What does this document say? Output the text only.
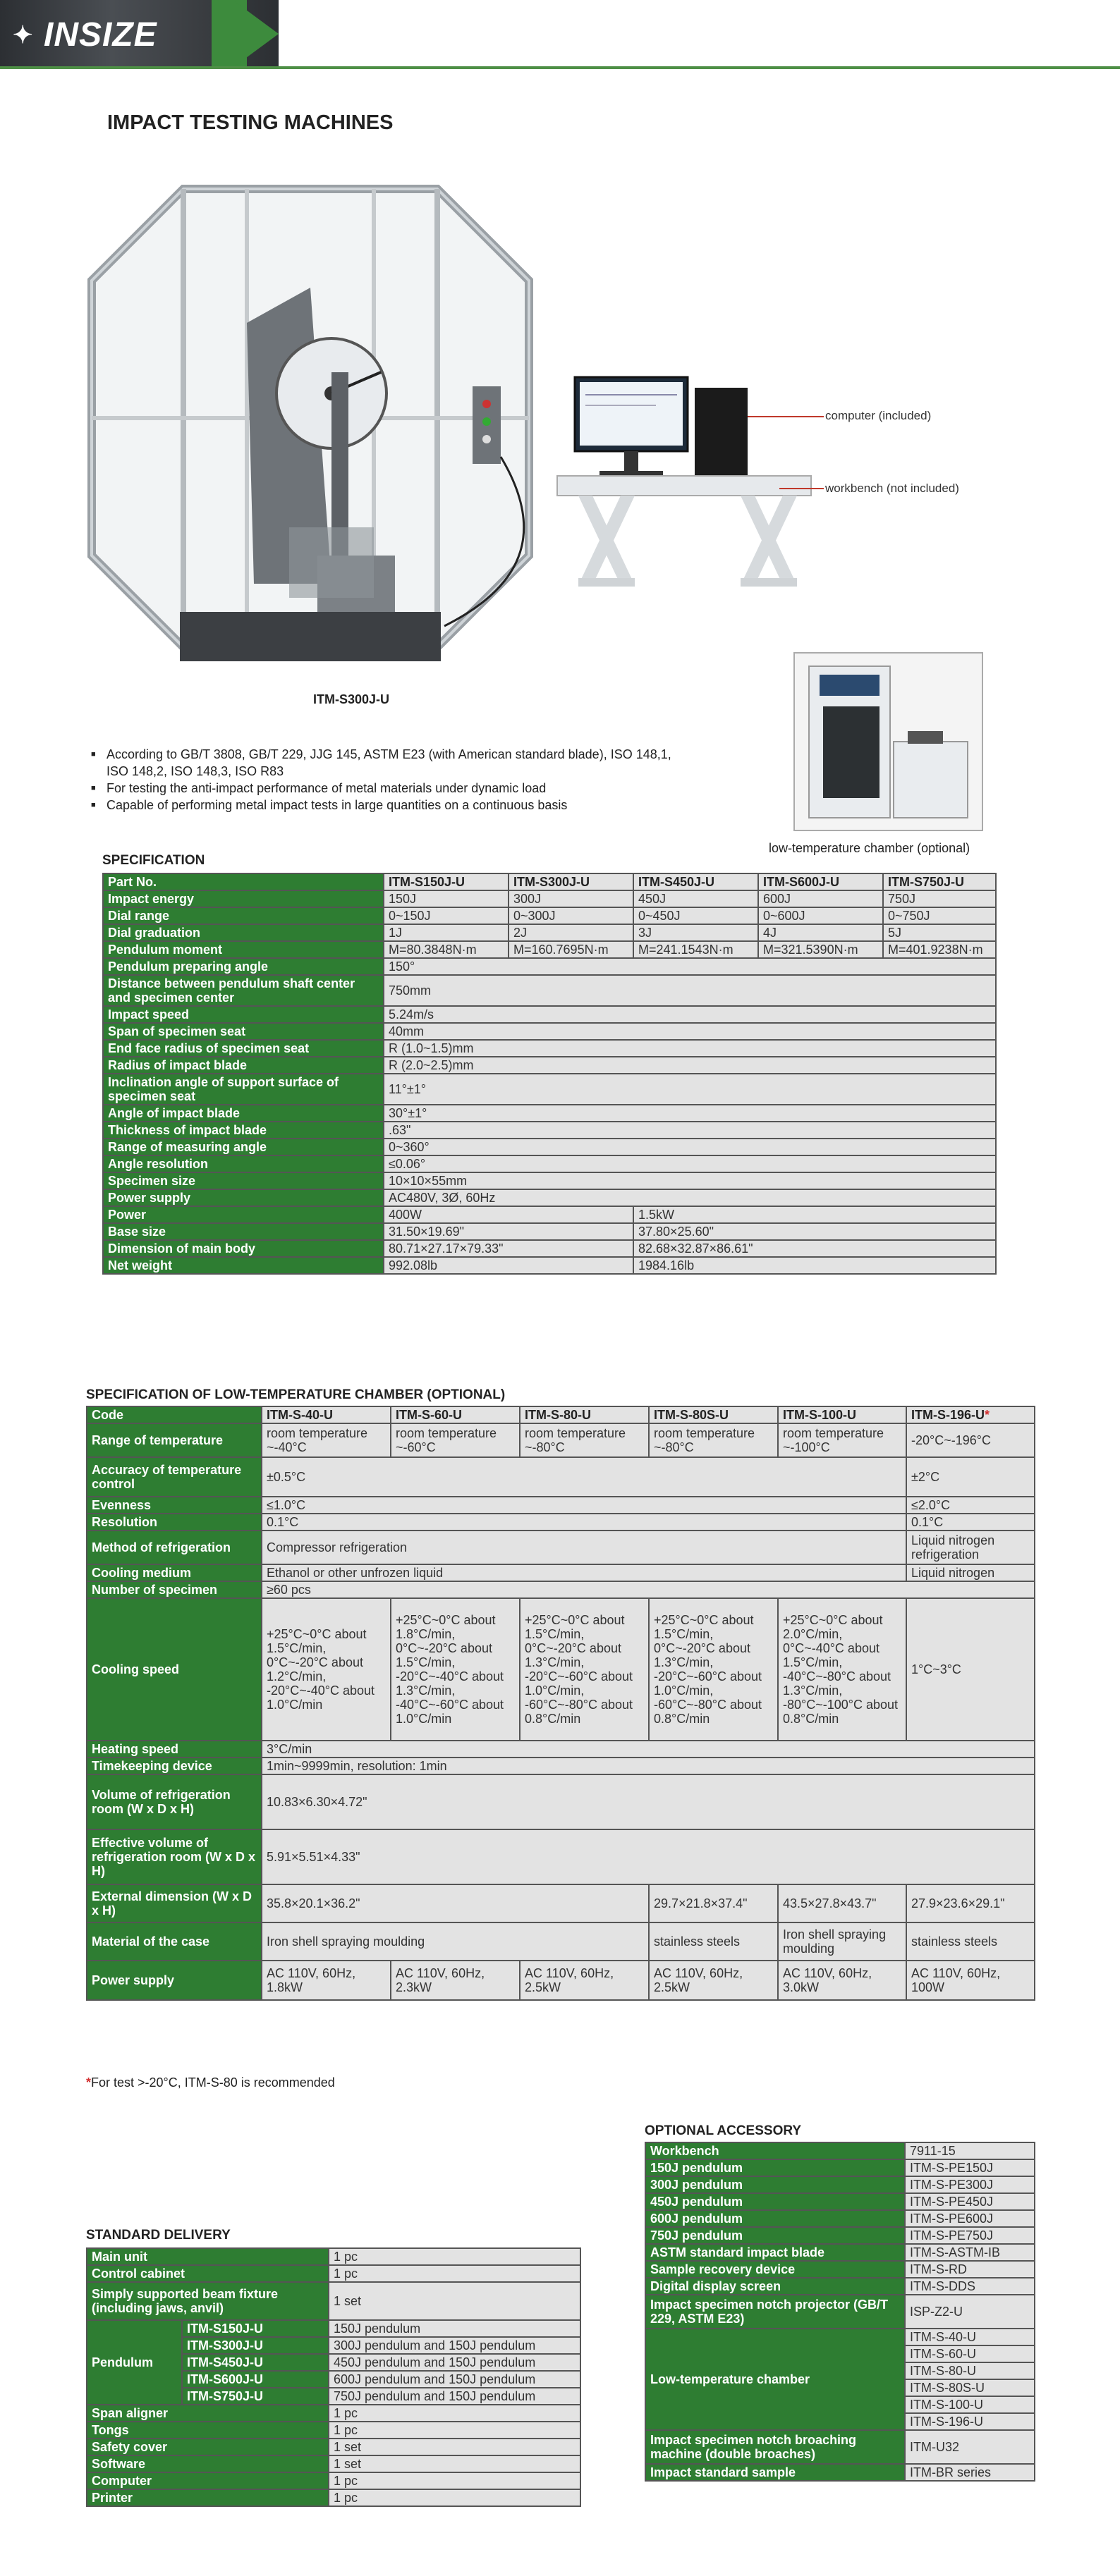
✦ INSIZE
IMPACT TESTING MACHINES
ITM-S300J-U
computer (included)
workbench (not included)
low-temperature chamber (optional)
■ According to GB/T 3808, GB/T 229, JJG 145, ASTM E23 (with American standard blade), ISO 148,1, ISO 148,2, ISO 148,3, ISO R83
■ For testing the anti-impact performance of metal materials under dynamic load
■ Capable of performing metal impact tests in large quantities on a continuous basis
SPECIFICATION
Part No.	ITM-S150J-U	ITM-S300J-U	ITM-S450J-U	ITM-S600J-U	ITM-S750J-U
Impact energy	150J	300J	450J	600J	750J
Dial range	0~150J	0~300J	0~450J	0~600J	0~750J
Dial graduation	1J	2J	3J	4J	5J
Pendulum moment	M=80.3848N·m	M=160.7695N·m	M=241.1543N·m	M=321.5390N·m	M=401.9238N·m
Pendulum preparing angle	150°				
Distance between pendulum shaft center and specimen center	750mm				
Impact speed	5.24m/s				
Span of specimen seat	40mm				
End face radius of specimen seat	R (1.0~1.5)mm				
Radius of impact blade	R (2.0~2.5)mm				
Inclination angle of support surface of specimen seat	11°±1°				
Angle of impact blade	30°±1°				
Thickness of impact blade	.63"				
Range of measuring angle	0~360°				
Angle resolution	≤0.06°				
Specimen size	10×10×55mm				
Power supply	AC480V, 3Ø, 60Hz				
Power	400W		1.5kW		
Base size	31.50×19.69"		37.80×25.60"		
Dimension of main body	80.71×27.17×79.33"		82.68×32.87×86.61"		
Net weight	992.08lb		1984.16lb		
SPECIFICATION OF LOW-TEMPERATURE CHAMBER (OPTIONAL)
Code	ITM-S-40-U	ITM-S-60-U	ITM-S-80-U	ITM-S-80S-U	ITM-S-100-U	ITM-S-196-U*
Range of temperature	room temperature ~-40°C	room temperature ~-60°C	room temperature ~-80°C	room temperature ~-80°C	room temperature ~-100°C	-20°C~-196°C
Accuracy of temperature control	±0.5°C					±2°C
Evenness	≤1.0°C					≤2.0°C
Resolution	0.1°C					0.1°C
Method of refrigeration	Compressor refrigeration					Liquid nitrogen refrigeration
Cooling medium	Ethanol or other unfrozen liquid					Liquid nitrogen
Number of specimen	≥60 pcs					
Cooling speed	+25°C~0°C about 1.5°C/min, 0°C~-20°C about 1.2°C/min, -20°C~-40°C about 1.0°C/min	+25°C~0°C about 1.8°C/min, 0°C~-20°C about 1.5°C/min, -20°C~-40°C about 1.3°C/min, -40°C~-60°C about 1.0°C/min	+25°C~0°C about 1.5°C/min, 0°C~-20°C about 1.3°C/min, -20°C~-60°C about 1.0°C/min, -60°C~-80°C about 0.8°C/min	+25°C~0°C about 1.5°C/min, 0°C~-20°C about 1.3°C/min, -20°C~-60°C about 1.0°C/min, -60°C~-80°C about 0.8°C/min	+25°C~0°C about 2.0°C/min, 0°C~-40°C about 1.5°C/min, -40°C~-80°C about 1.3°C/min, -80°C~-100°C about 0.8°C/min	1°C~3°C
Heating speed	3°C/min					
Timekeeping device	1min~9999min, resolution: 1min					
Volume of refrigeration room (W x D x H)	10.83×6.30×4.72"					
Effective volume of refrigeration room (W x D x H)	5.91×5.51×4.33"					
External dimension (W x D x H)	35.8×20.1×36.2"			29.7×21.8×37.4"	43.5×27.8×43.7"	27.9×23.6×29.1"
Material of the case	Iron shell spraying moulding			stainless steels	Iron shell spraying moulding	stainless steels
Power supply	AC 110V, 60Hz, 1.8kW	AC 110V, 60Hz, 2.3kW	AC 110V, 60Hz, 2.5kW	AC 110V, 60Hz, 2.5kW	AC 110V, 60Hz, 3.0kW	AC 110V, 60Hz, 100W
*For test >-20°C, ITM-S-80 is recommended
OPTIONAL ACCESSORY
Workbench	7911-15
150J pendulum	ITM-S-PE150J
300J pendulum	ITM-S-PE300J
450J pendulum	ITM-S-PE450J
600J pendulum	ITM-S-PE600J
750J pendulum	ITM-S-PE750J
ASTM standard impact blade	ITM-S-ASTM-IB
Sample recovery device	ITM-S-RD
Digital display screen	ITM-S-DDS
Impact specimen notch projector (GB/T 229, ASTM E23)	ISP-Z2-U
Low-temperature chamber	ITM-S-40-U
	ITM-S-60-U
	ITM-S-80-U
	ITM-S-80S-U
	ITM-S-100-U
	ITM-S-196-U
Impact specimen notch broaching machine (double broaches)	ITM-U32
Impact standard sample	ITM-BR series
STANDARD DELIVERY
Main unit		1 pc
Control cabinet		1 pc
Simply supported beam fixture (including jaws, anvil)		1 set
Pendulum	ITM-S150J-U	150J pendulum
	ITM-S300J-U	300J pendulum and 150J pendulum
	ITM-S450J-U	450J pendulum and 150J pendulum
	ITM-S600J-U	600J pendulum and 150J pendulum
	ITM-S750J-U	750J pendulum and 150J pendulum
Span aligner		1 pc
Tongs		1 pc
Safety cover		1 set
Software		1 set
Computer		1 pc
Printer		1 pc
